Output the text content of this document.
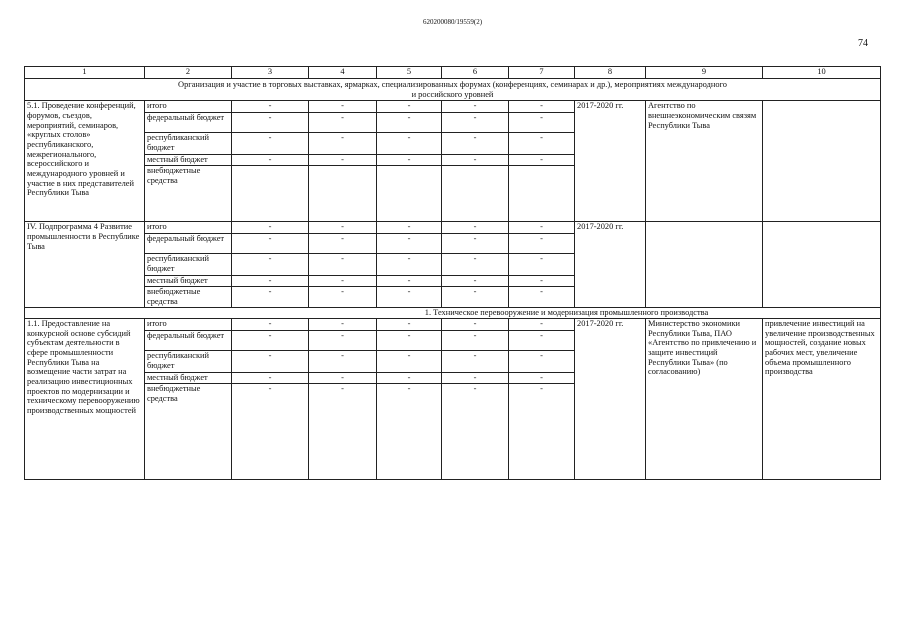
620200080/19559(2)
74
1	2	3	4	5	6	7	8	9	10
Организация и участие в торговых выставках, ярмарках, специализированных форумах (конференциях, семинарах и др.), мероприятиях международного и российского уровней									
5.1. Проведение конференций, форумов, съездов, мероприятий, семинаров, «круглых столов» республиканского, межрегионального, всероссийского и международного уровней и участие в них представителей Республики Тыва	итого	-	-	-	-	-	2017-2020 гг.	Агентство по внешнеэкономическим связям Республики Тыва	
	федеральный бюджет	-	-	-	-	-			
	республиканский бюджет	-	-	-	-	-			
	местный бюджет	-	-	-	-	-			
	внебюджетные средства								
IV. Подпрограмма 4 Развитие промышленности в Республике Тыва	итого	-	-	-	-	-	2017-2020 гг.		
	федеральный бюджет	-	-	-	-	-			
	республиканский бюджет	-	-	-	-	-			
	местный бюджет	-	-	-	-	-			
	внебюджетные средства	-	-	-	-	-			
1. Техническое перевооружение и модернизация промышленного производства									
1.1. Предоставление на конкурсной основе субсидий субъектам деятельности в сфере промышленности Республики Тыва на возмещение части затрат на реализацию инвестиционных проектов по модернизации и техническому перевооружению производственных мощностей	итого	-	-	-	-	-	2017-2020 гг.	Министерство экономики Республики Тыва, ПАО «Агентство по привлечению и защите инвестиций Республики Тыва» (по согласованию)	привлечение инвестиций на увеличение производственных мощностей, создание новых рабочих мест, увеличение объема промышленного производства
	федеральный бюджет	-	-	-	-	-			
	республиканский бюджет	-	-	-	-	-			
	местный бюджет	-	-	-	-	-			
	внебюджетные средства	-	-	-	-	-			
